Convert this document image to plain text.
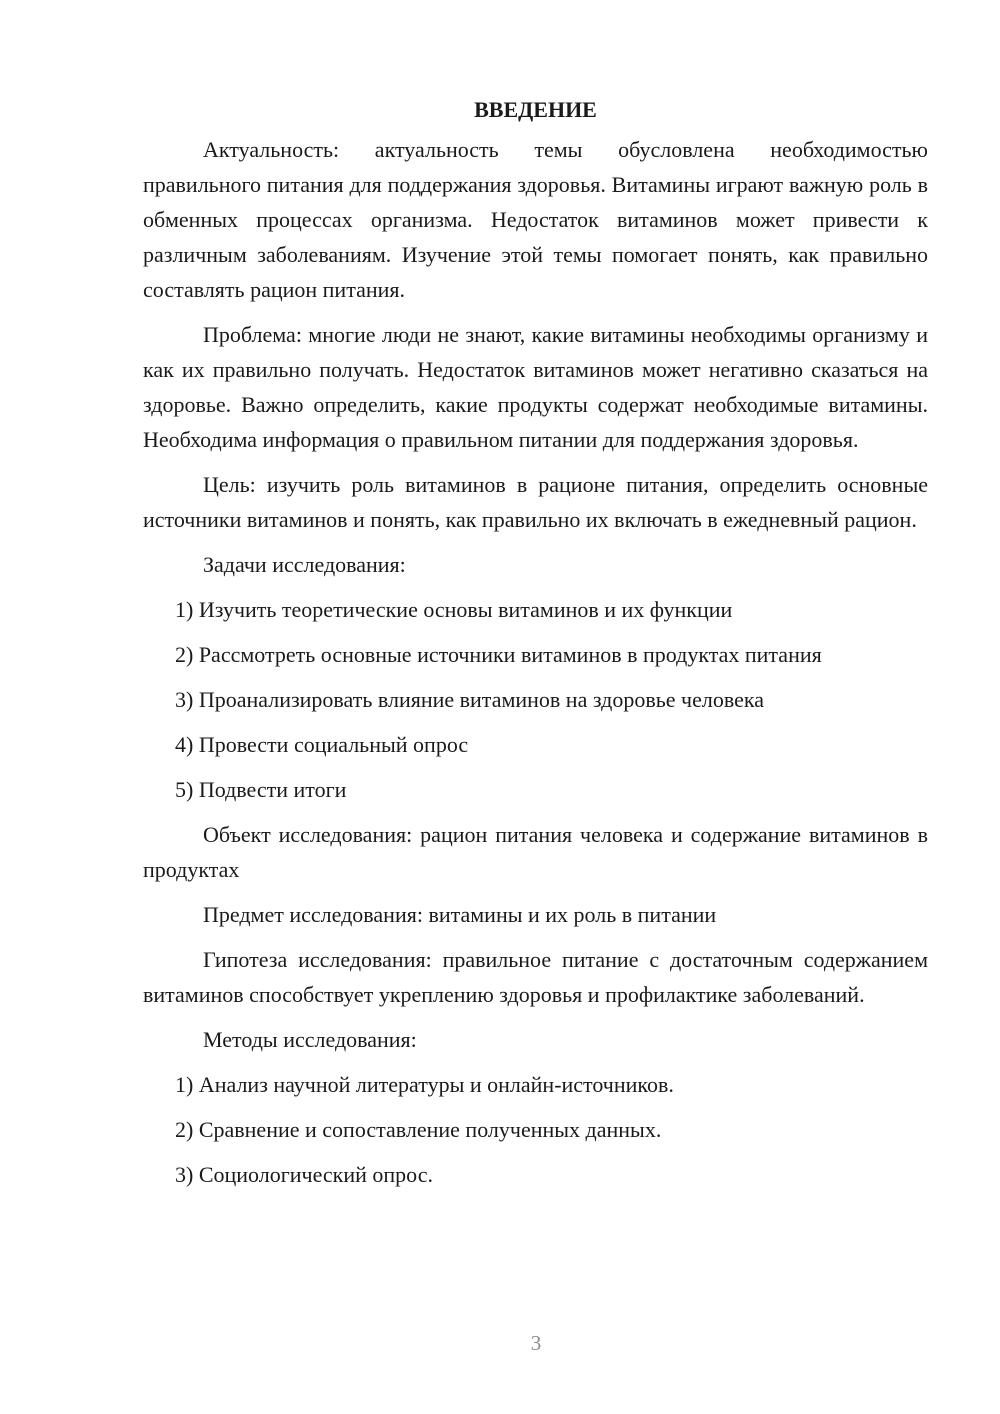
ВВЕДЕНИЕ

Актуальность: актуальность темы обусловлена необходимостью правильного питания для поддержания здоровья. Витамины играют важную роль в обменных процессах организма. Недостаток витаминов может привести к различным заболеваниям. Изучение этой темы помогает понять, как правильно составлять рацион питания.

Проблема: многие люди не знают, какие витамины необходимы организму и как их правильно получать. Недостаток витаминов может негативно сказаться на здоровье. Важно определить, какие продукты содержат необходимые витамины. Необходима информация о правильном питании для поддержания здоровья.

Цель: изучить роль витаминов в рационе питания, определить основные источники витаминов и понять, как правильно их включать в ежедневный рацион.

Задачи исследования:

1) Изучить теоретические основы витаминов и их функции

2) Рассмотреть основные источники витаминов в продуктах питания

3) Проанализировать влияние витаминов на здоровье человека

4) Провести социальный опрос

5) Подвести итоги

Объект исследования: рацион питания человека и содержание витаминов в продуктах

Предмет исследования: витамины и их роль в питании

Гипотеза исследования: правильное питание с достаточным содержанием витаминов способствует укреплению здоровья и профилактике заболеваний.

Методы исследования:

1) Анализ научной литературы и онлайн-источников.

2) Сравнение и сопоставление полученных данных.

3) Социологический опрос.

3
